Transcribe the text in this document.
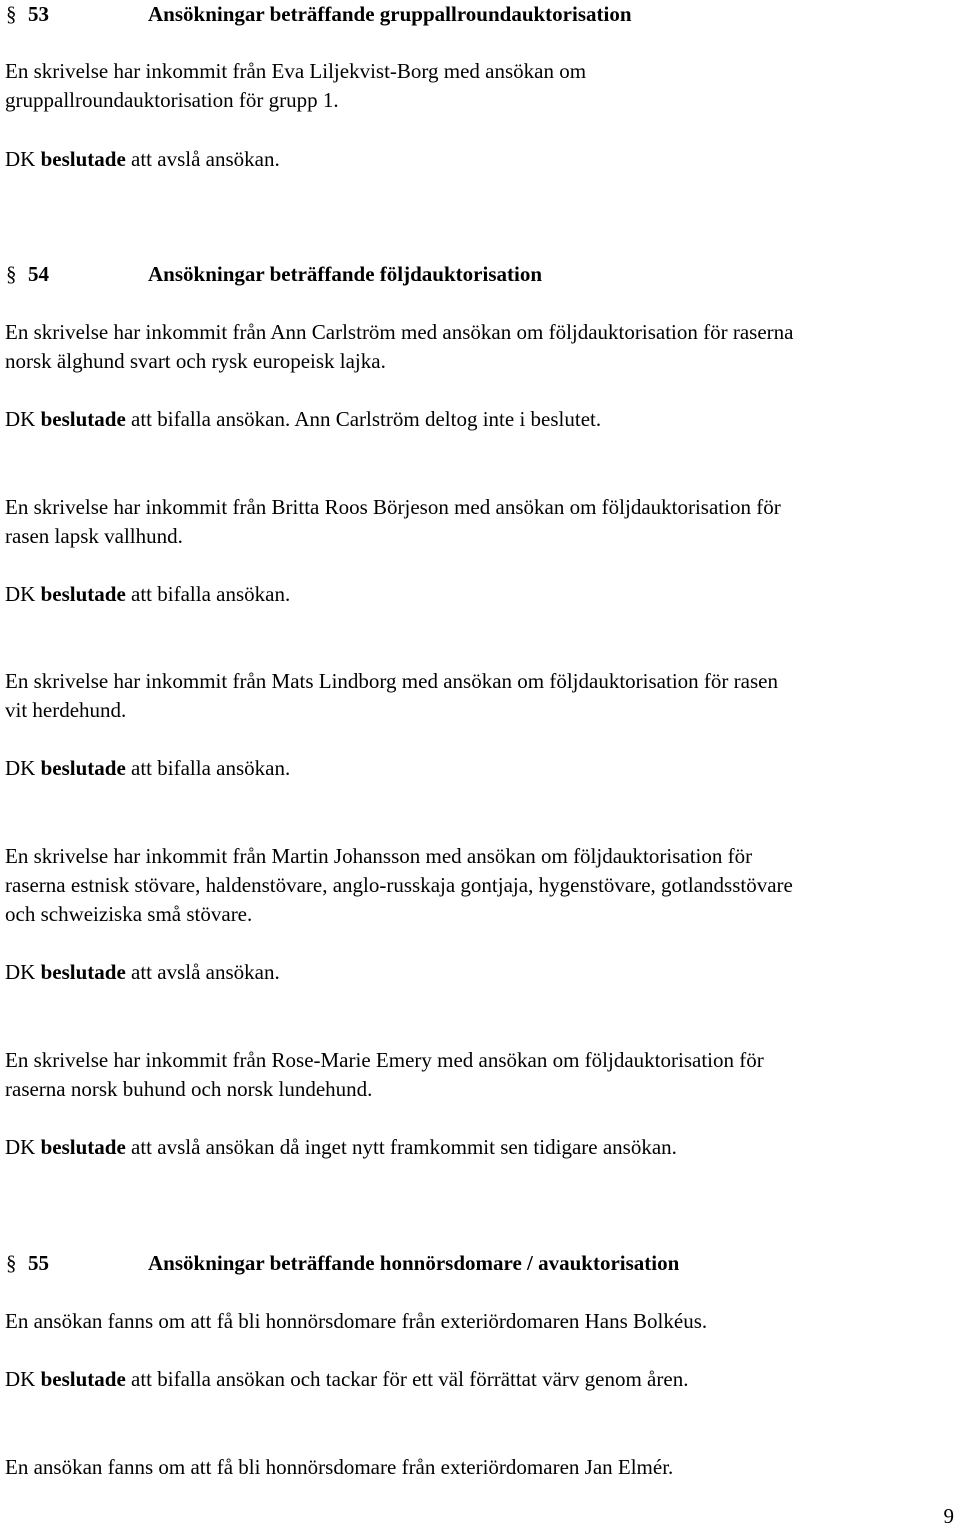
§ 53	Ansökningar beträffande gruppallroundauktorisation
En skrivelse har inkommit från Eva Liljekvist-Borg med ansökan om
gruppallroundauktorisation för grupp 1.
DK beslutade att avslå ansökan.
§ 54	Ansökningar beträffande följdauktorisation
En skrivelse har inkommit från Ann Carlström med ansökan om följdauktorisation för raserna
norsk älghund svart och rysk europeisk lajka.
DK beslutade att bifalla ansökan. Ann Carlström deltog inte i beslutet.
En skrivelse har inkommit från Britta Roos Börjeson med ansökan om följdauktorisation för
rasen lapsk vallhund.
DK beslutade att bifalla ansökan.
En skrivelse har inkommit från Mats Lindborg med ansökan om följdauktorisation för rasen
vit herdehund.
DK beslutade att bifalla ansökan.
En skrivelse har inkommit från Martin Johansson med ansökan om följdauktorisation för
raserna estnisk stövare, haldenstövare, anglo-russkaja gontjaja, hygenstövare, gotlandsstövare
och schweiziska små stövare.
DK beslutade att avslå ansökan.
En skrivelse har inkommit från Rose-Marie Emery med ansökan om följdauktorisation för
raserna norsk buhund och norsk lundehund.
DK beslutade att avslå ansökan då inget nytt framkommit sen tidigare ansökan.
§ 55	Ansökningar beträffande honnörsdomare / avauktorisation
En ansökan fanns om att få bli honnörsdomare från exteriördomaren Hans Bolkéus.
DK beslutade att bifalla ansökan och tackar för ett väl förrättat värv genom åren.
En ansökan fanns om att få bli honnörsdomare från exteriördomaren Jan Elmér.
9
